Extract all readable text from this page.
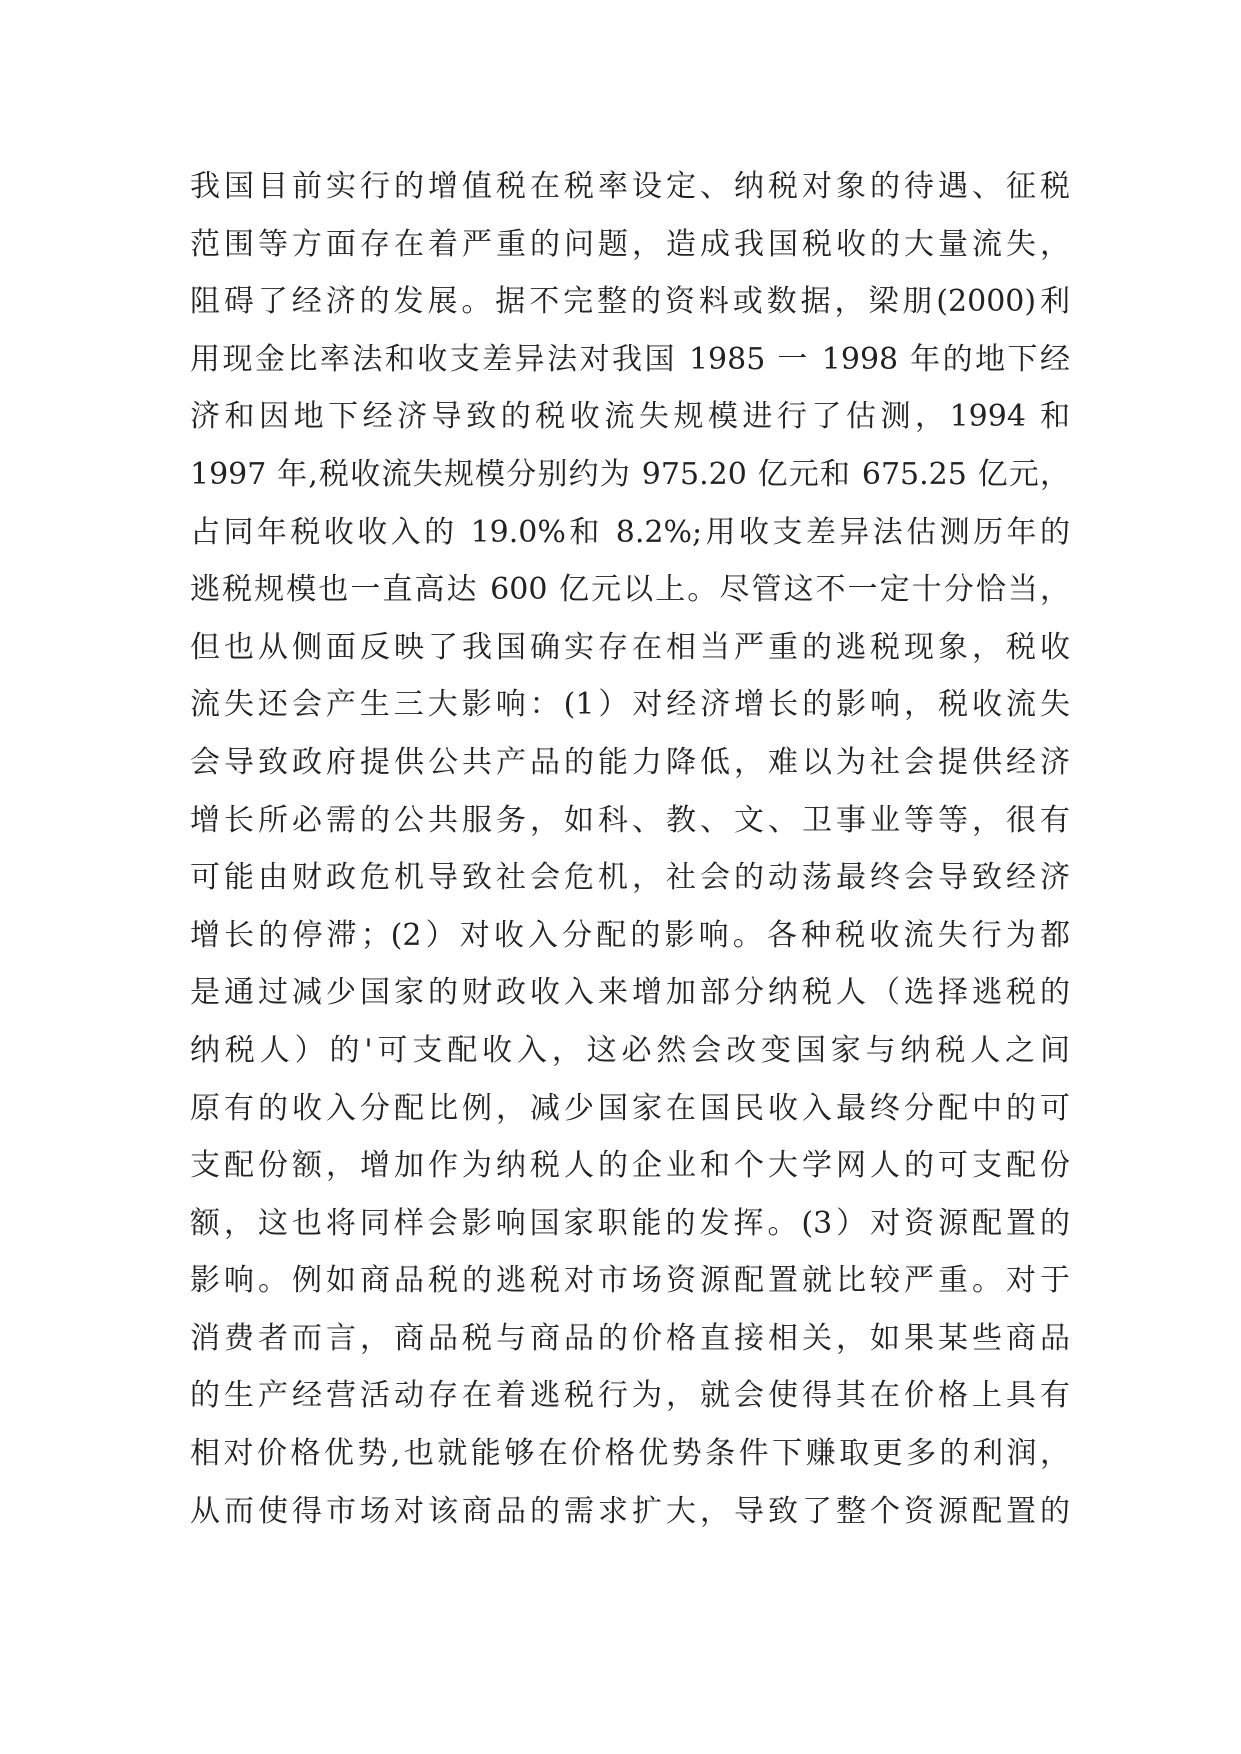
我国目前实行的增值税在税率设定、纳税对象的待遇、征税
范围等方面存在着严重的问题，造成我国税收的大量流失，
阻碍了经济的发展。据不完整的资料或数据，梁朋(2000)利
用现金比率法和收支差异法对我国 1985 一 1998 年的地下经
济和因地下经济导致的税收流失规模进行了估测，1994 和
1997 年,税收流失规模分别约为 975.20 亿元和 675.25 亿元，
占同年税收收入的 19.0%和 8.2%;用收支差异法估测历年的
逃税规模也一直高达 600 亿元以上。尽管这不一定十分恰当，
但也从侧面反映了我国确实存在相当严重的逃税现象，税收
流失还会产生三大影响：(1）对经济增长的影响，税收流失
会导致政府提供公共产品的能力降低，难以为社会提供经济
增长所必需的公共服务，如科、教、文、卫事业等等，很有
可能由财政危机导致社会危机，社会的动荡最终会导致经济
增长的停滞；(2）对收入分配的影响。各种税收流失行为都
是通过减少国家的财政收入来增加部分纳税人（选择逃税的
纳税人）的'可支配收入，这必然会改变国家与纳税人之间
原有的收入分配比例，减少国家在国民收入最终分配中的可
支配份额，增加作为纳税人的企业和个大学网人的可支配份
额，这也将同样会影响国家职能的发挥。(3）对资源配置的
影响。例如商品税的逃税对市场资源配置就比较严重。对于
消费者而言，商品税与商品的价格直接相关，如果某些商品
的生产经营活动存在着逃税行为，就会使得其在价格上具有
相对价格优势,也就能够在价格优势条件下赚取更多的利润，
从而使得市场对该商品的需求扩大，导致了整个资源配置的
